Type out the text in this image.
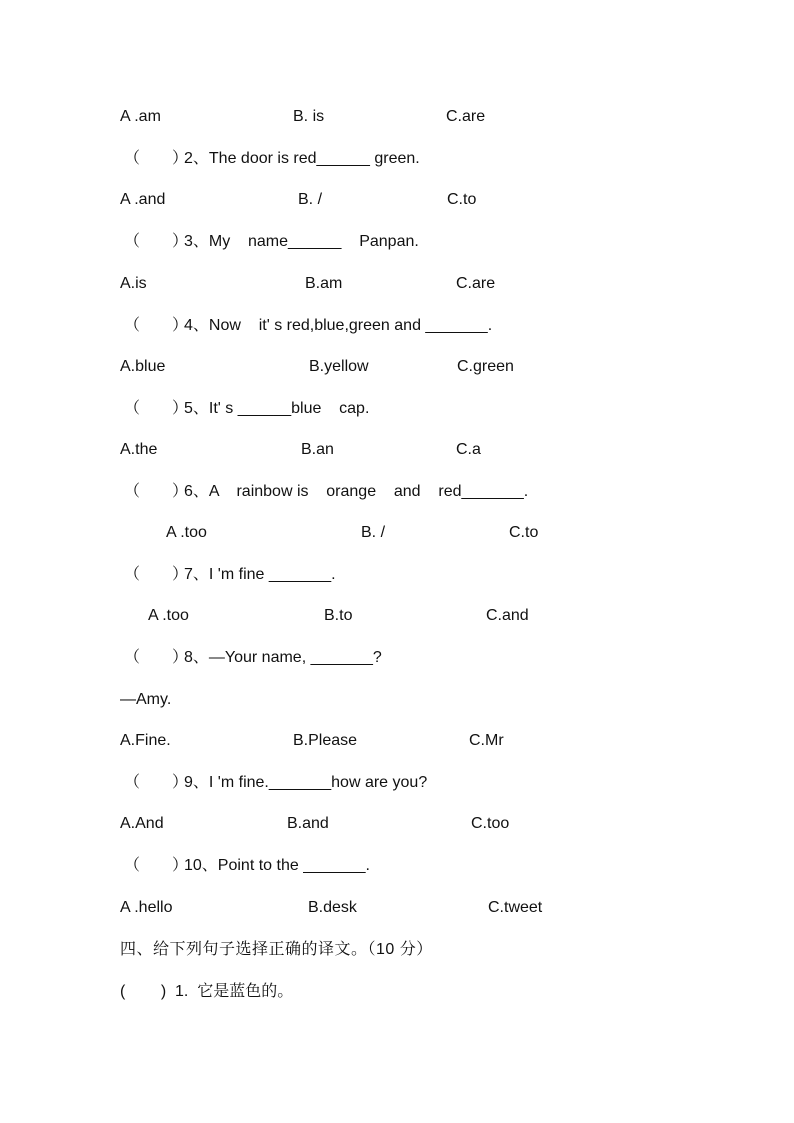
A .am	B. is	C.are
（　　）
2、The door is red______ green.
A .and	B. /	C.to
（　　）
3、My    name______    Panpan.
A.is	B.am	C.are
（　　）
4、Now    it' s red,blue,green and _______.
A.blue	B.yellow	C.green
（　　）
5、It' s ______blue    cap.
A.the	B.an	C.a
（　　）
6、A    rainbow is    orange    and    red_______.
A .too	B. /	C.to
（　　）
7、I 'm fine _______.
A .too	B.to	C.and
（　　）
8、—Your name, _______?
—Amy.
A.Fine.	B.Please	C.Mr
（　　）
9、I 'm fine._______how are you?
A.And	B.and	C.too
（　　）
10、Point to the _______.
A .hello	B.desk	C.tweet
四、给下列句子选择正确的译文。（10 分）
(        ) 1.  它是蓝色的。
